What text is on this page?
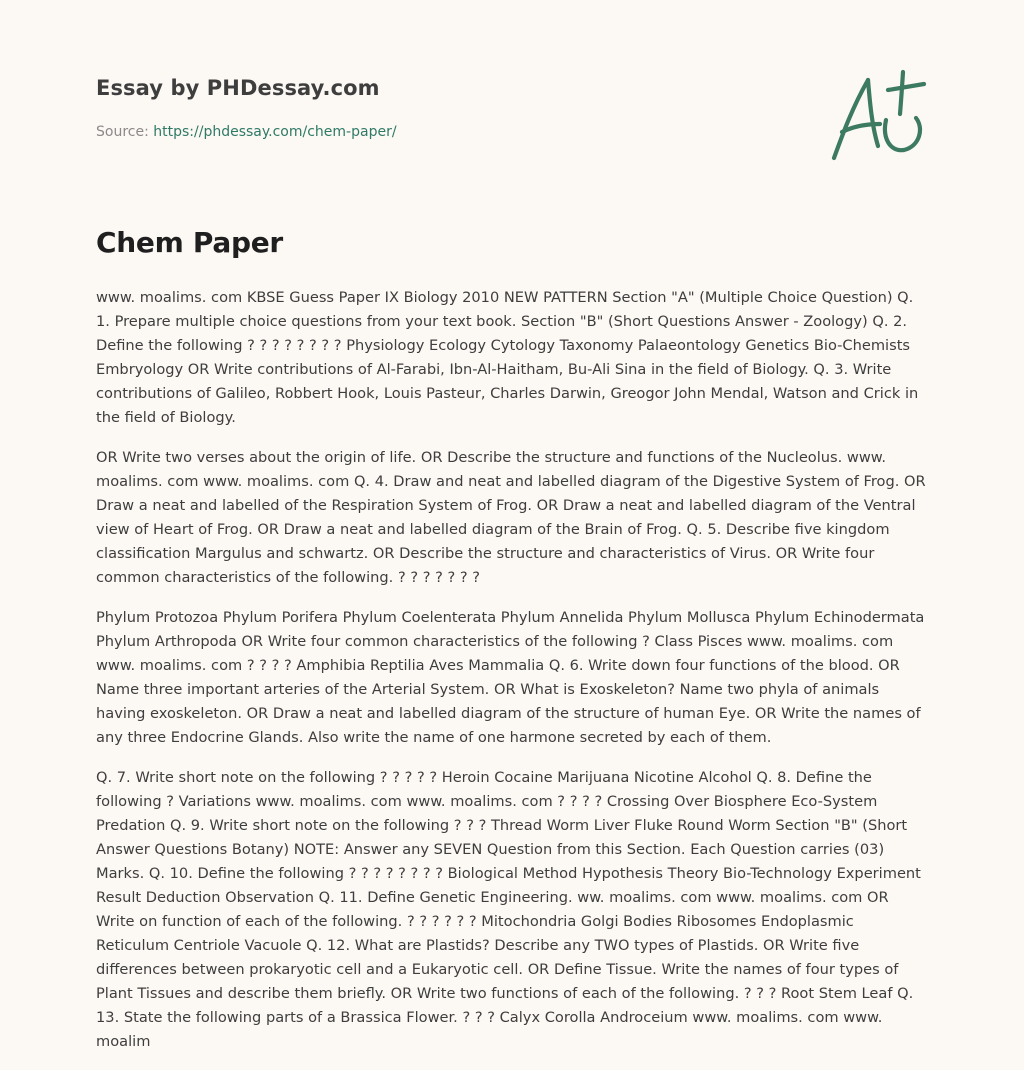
Essay by PHDessay.com
Source: https://phdessay.com/chem-paper/
Chem Paper

www. moalims. com KBSE Guess Paper IX Biology 2010 NEW PATTERN Section "A" (Multiple Choice Question) Q. 1. Prepare multiple choice questions from your text book. Section "B" (Short Questions Answer - Zoology) Q. 2. Define the following ? ? ? ? ? ? ? ? Physiology Ecology Cytology Taxonomy Palaeontology Genetics Bio-Chemists Embryology OR Write contributions of Al-Farabi, Ibn-Al-Haitham, Bu-Ali Sina in the field of Biology. Q. 3. Write contributions of Galileo, Robbert Hook, Louis Pasteur, Charles Darwin, Greogor John Mendal, Watson and Crick in the field of Biology.

OR Write two verses about the origin of life. OR Describe the structure and functions of the Nucleolus. www. moalims. com www. moalims. com Q. 4. Draw and neat and labelled diagram of the Digestive System of Frog. OR Draw a neat and labelled of the Respiration System of Frog. OR Draw a neat and labelled diagram of the Ventral view of Heart of Frog. OR Draw a neat and labelled diagram of the Brain of Frog. Q. 5. Describe five kingdom classification Margulus and schwartz. OR Describe the structure and characteristics of Virus. OR Write four common characteristics of the following. ? ? ? ? ? ? ?

Phylum Protozoa Phylum Porifera Phylum Coelenterata Phylum Annelida Phylum Mollusca Phylum Echinodermata Phylum Arthropoda OR Write four common characteristics of the following ? Class Pisces www. moalims. com www. moalims. com ? ? ? ? Amphibia Reptilia Aves Mammalia Q. 6. Write down four functions of the blood. OR Name three important arteries of the Arterial System. OR What is Exoskeleton? Name two phyla of animals having exoskeleton. OR Draw a neat and labelled diagram of the structure of human Eye. OR Write the names of any three Endocrine Glands. Also write the name of one harmone secreted by each of them.

Q. 7. Write short note on the following ? ? ? ? ? Heroin Cocaine Marijuana Nicotine Alcohol Q. 8. Define the following ? Variations www. moalims. com www. moalims. com ? ? ? ? Crossing Over Biosphere Eco-System Predation Q. 9. Write short note on the following ? ? ? Thread Worm Liver Fluke Round Worm Section "B" (Short Answer Questions Botany) NOTE: Answer any SEVEN Question from this Section. Each Question carries (03) Marks. Q. 10. Define the following ? ? ? ? ? ? ? ? Biological Method Hypothesis Theory Bio-Technology Experiment Result Deduction Observation Q. 11. Define Genetic Engineering. ww. moalims. com www. moalims. com OR Write on function of each of the following. ? ? ? ? ? ? Mitochondria Golgi Bodies Ribosomes Endoplasmic Reticulum Centriole Vacuole Q. 12. What are Plastids? Describe any TWO types of Plastids. OR Write five differences between prokaryotic cell and a Eukaryotic cell. OR Define Tissue. Write the names of four types of Plant Tissues and describe them briefly. OR Write two functions of each of the following. ? ? ? Root Stem Leaf Q. 13. State the following parts of a Brassica Flower. ? ? ? Calyx Corolla Androceium www. moalims. com www. moalim
